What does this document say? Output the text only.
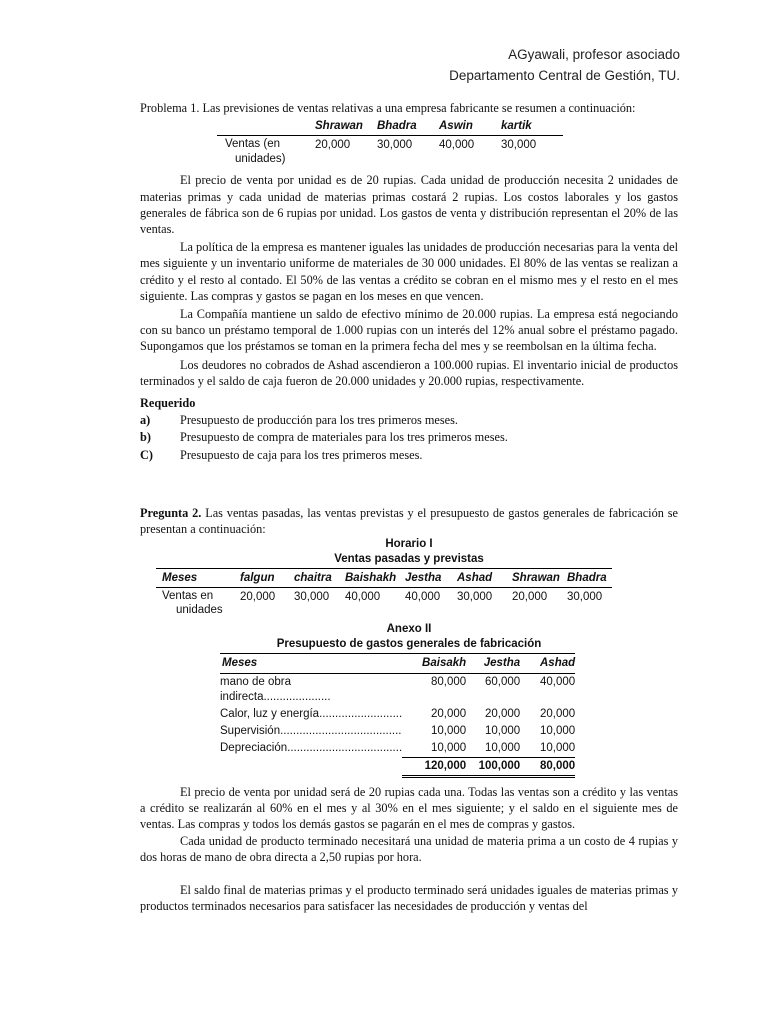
AGyawali, profesor asociado
Departamento Central de Gestión, TU.

Problema 1. Las previsiones de ventas relativas a una empresa fabricante se resumen a continuación:

	Shrawan	Bhadra	Aswin	kartik

Ventas (en
unidades)	20,000	30,000	40,000	30,000

El precio de venta por unidad es de 20 rupias. Cada unidad de producción necesita 2 unidades de materias primas y cada unidad de materias primas costará 2 rupias. Los costos laborales y los gastos generales de fábrica son de 6 rupias por unidad. Los gastos de venta y distribución representan el 20% de las ventas.

La política de la empresa es mantener iguales las unidades de producción necesarias para la venta del mes siguiente y un inventario uniforme de materiales de 30 000 unidades. El 80% de las ventas se realizan a crédito y el resto al contado. El 50% de las ventas a crédito se cobran en el mismo mes y el resto en el mes siguiente. Las compras y gastos se pagan en los meses en que vencen.

La Compañía mantiene un saldo de efectivo mínimo de 20.000 rupias. La empresa está negociando con su banco un préstamo temporal de 1.000 rupias con un interés del 12% anual sobre el préstamo pagado. Supongamos que los préstamos se toman en la primera fecha del mes y se reembolsan en la última fecha.

Los deudores no cobrados de Ashad ascendieron a 100.000 rupias. El inventario inicial de productos terminados y el saldo de caja fueron de 20.000 unidades y 20.000 rupias, respectivamente.

Requerido
a)	Presupuesto de producción para los tres primeros meses.
b)	Presupuesto de compra de materiales para los tres primeros meses.
C)	Presupuesto de caja para los tres primeros meses.

Pregunta 2. Las ventas pasadas, las ventas previstas y el presupuesto de gastos generales de fabricación se presentan a continuación:

Horario I
Ventas pasadas y previstas
Meses	falgun	chaitra	Baishakh	Jestha	Ashad	Shrawan	Bhadra

Ventas en
unidades	20,000	30,000	40,000	40,000	30,000	20,000	30,000
Anexo II
Presupuesto de gastos generales de fabricación
Meses	Baisakh	Jestha	Ashad
mano de obra indirecta.....................	80,000	60,000	40,000
Calor, luz y energía..........................	20,000	20,000	20,000
Supervisión......................................	10,000	10,000	10,000
Depreciación....................................	10,000	10,000	10,000
	120,000	100,000	80,000

El precio de venta por unidad será de 20 rupias cada una. Todas las ventas son a crédito y las ventas a crédito se realizarán al 60% en el mes y al 30% en el mes siguiente; y el saldo en el siguiente mes de ventas. Las compras y todos los demás gastos se pagarán en el mes de compras y gastos.

Cada unidad de producto terminado necesitará una unidad de materia prima a un costo de 4 rupias y dos horas de mano de obra directa a 2,50 rupias por hora.

El saldo final de materias primas y el producto terminado será unidades iguales de materias primas y productos terminados necesarios para satisfacer las necesidades de producción y ventas del
